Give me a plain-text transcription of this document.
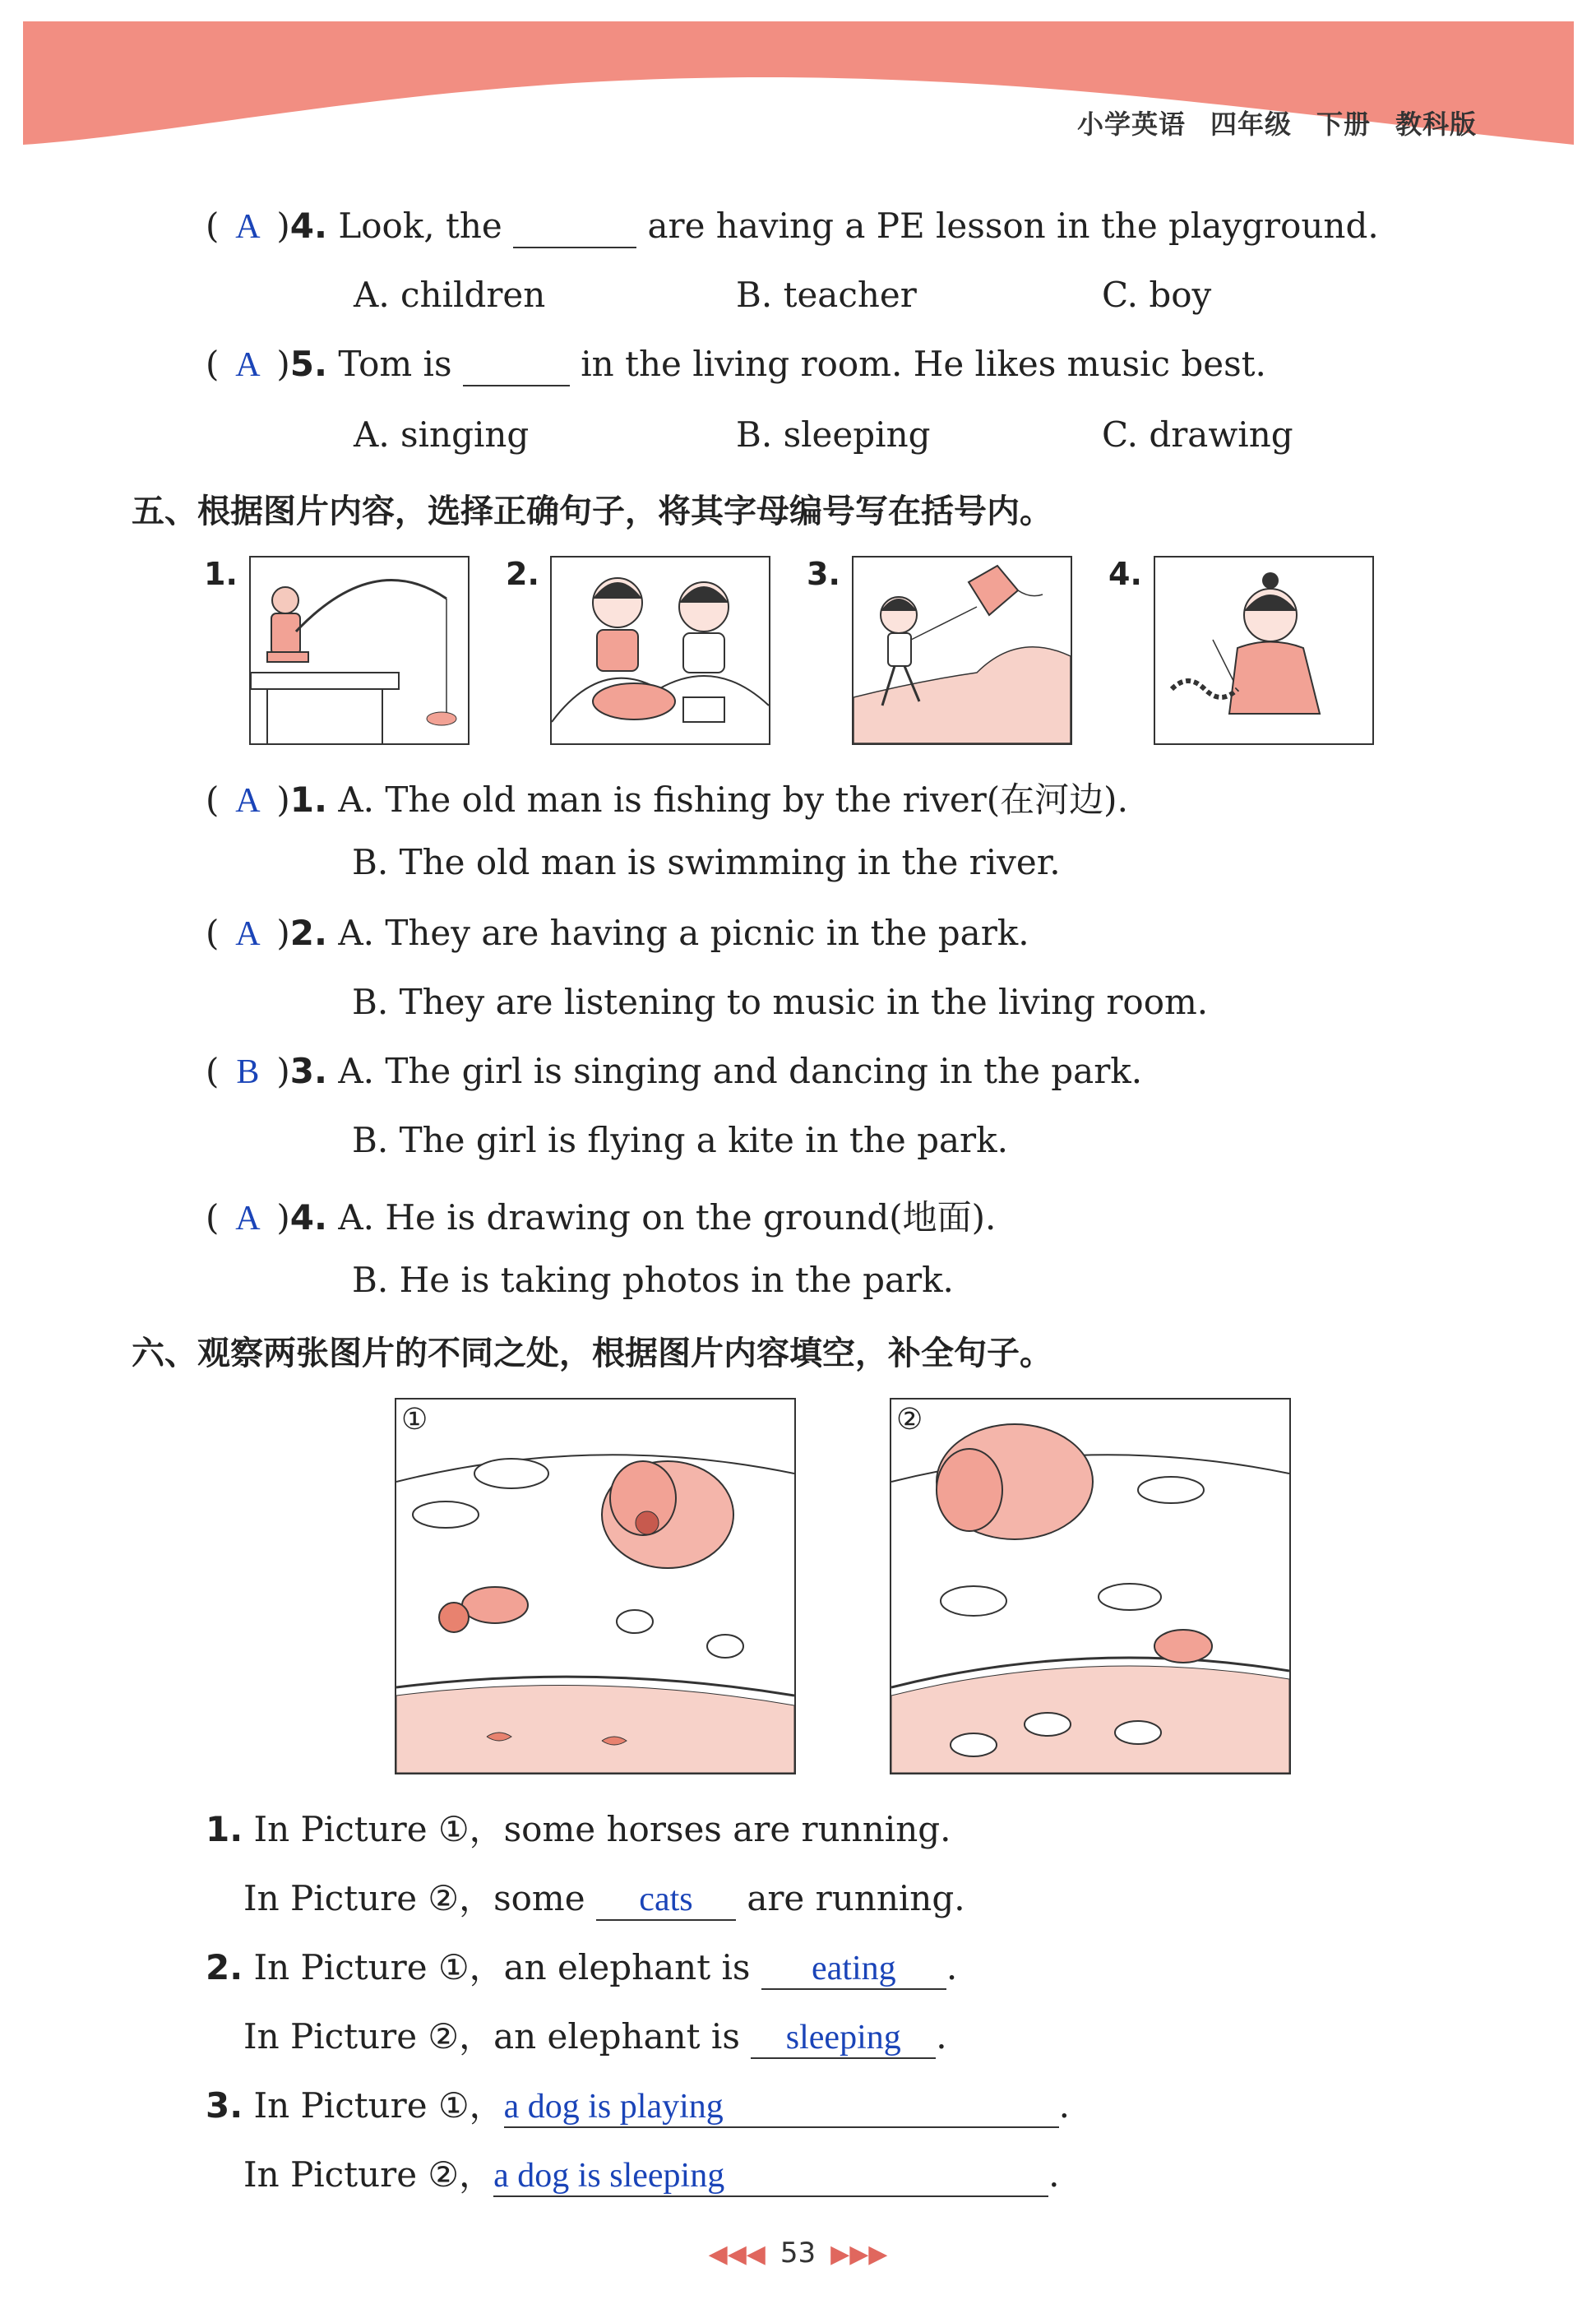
小学英语 四年级 下册 教科版
( A )4. Look, the	are having a PE lesson in the playground.
A. children	B. teacher	C. boy
( A )5. Tom is	in the living room. He likes music best.
A. singing	B. sleeping	C. drawing
五、根据图片内容，选择正确句子，将其字母编号写在括号内。
1.	2.	3.	4.
( A )1. A. The old man is fishing by the river(在河边).
B. The old man is swimming in the river.
( A )2. A. They are having a picnic in the park.
B. They are listening to music in the living room.
( B )3. A. The girl is singing and dancing in the park.
B. The girl is flying a kite in the park.
( A )4. A. He is drawing on the ground(地面).
B. He is taking photos in the park.
六、观察两张图片的不同之处，根据图片内容填空，补全句子。
①	②
1. In Picture ①，some horses are running.
In Picture ②，some cats are running.
2. In Picture ①，an elephant is eating .
In Picture ②，an elephant is sleeping .
3. In Picture ①，a dog is playing	.
In Picture ②，a dog is sleeping	.
◀◀◀ 53 ▶▶▶
